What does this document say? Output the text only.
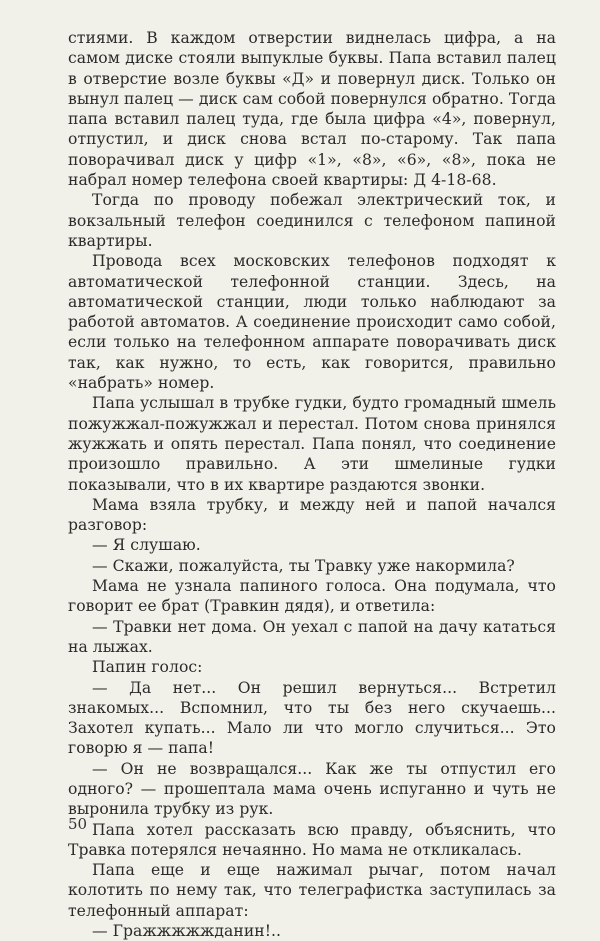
стиями. В каждом отверстии виднелась цифра, а на самом диске стояли выпуклые буквы. Папа вставил палец в отверстие возле буквы «Д» и повернул диск. Только он вынул палец — диск сам собой повернулся обратно. Тогда папа вставил палец туда, где была цифра «4», повернул, отпустил, и диск снова встал по-старому. Так папа поворачивал диск у цифр «1», «8», «6», «8», пока не набрал номер телефона своей квартиры: Д 4-18-68.

Тогда по проводу побежал электрический ток, и вокзальный телефон соединился с телефоном папиной квартиры.

Провода всех московских телефонов подходят к автоматической телефонной станции. Здесь, на автоматической станции, люди только наблюдают за работой автоматов. А соединение происходит само собой, если только на телефонном аппарате поворачивать диск так, как нужно, то есть, как говорится, правильно «набрать» номер.

Папа услышал в трубке гудки, будто громадный шмель пожужжал-пожужжал и перестал. Потом снова принялся жужжать и опять перестал. Папа понял, что соединение произошло правильно. А эти шмелиные гудки показывали, что в их квартире раздаются звонки.

Мама взяла трубку, и между ней и папой начался разговор:

— Я слушаю.

— Скажи, пожалуйста, ты Травку уже накормила?

Мама не узнала папиного голоса. Она подумала, что говорит ее брат (Травкин дядя), и ответила:

— Травки нет дома. Он уехал с папой на дачу кататься на лыжах.

Папин голос:

— Да нет... Он решил вернуться... Встретил знакомых... Вспомнил, что ты без него скучаешь... Захотел купать... Мало ли что могло случиться... Это говорю я — папа!

— Он не возвращался... Как же ты отпустил его одного? — прошептала мама очень испуганно и чуть не выронила трубку из рук.

Папа хотел рассказать всю правду, объяснить, что Травка потерялся нечаянно. Но мама не откликалась.

Папа еще и еще нажимал рычаг, потом начал колотить по нему так, что телеграфистка заступилась за телефонный аппарат:

— Гражжжжжданин!..

50
